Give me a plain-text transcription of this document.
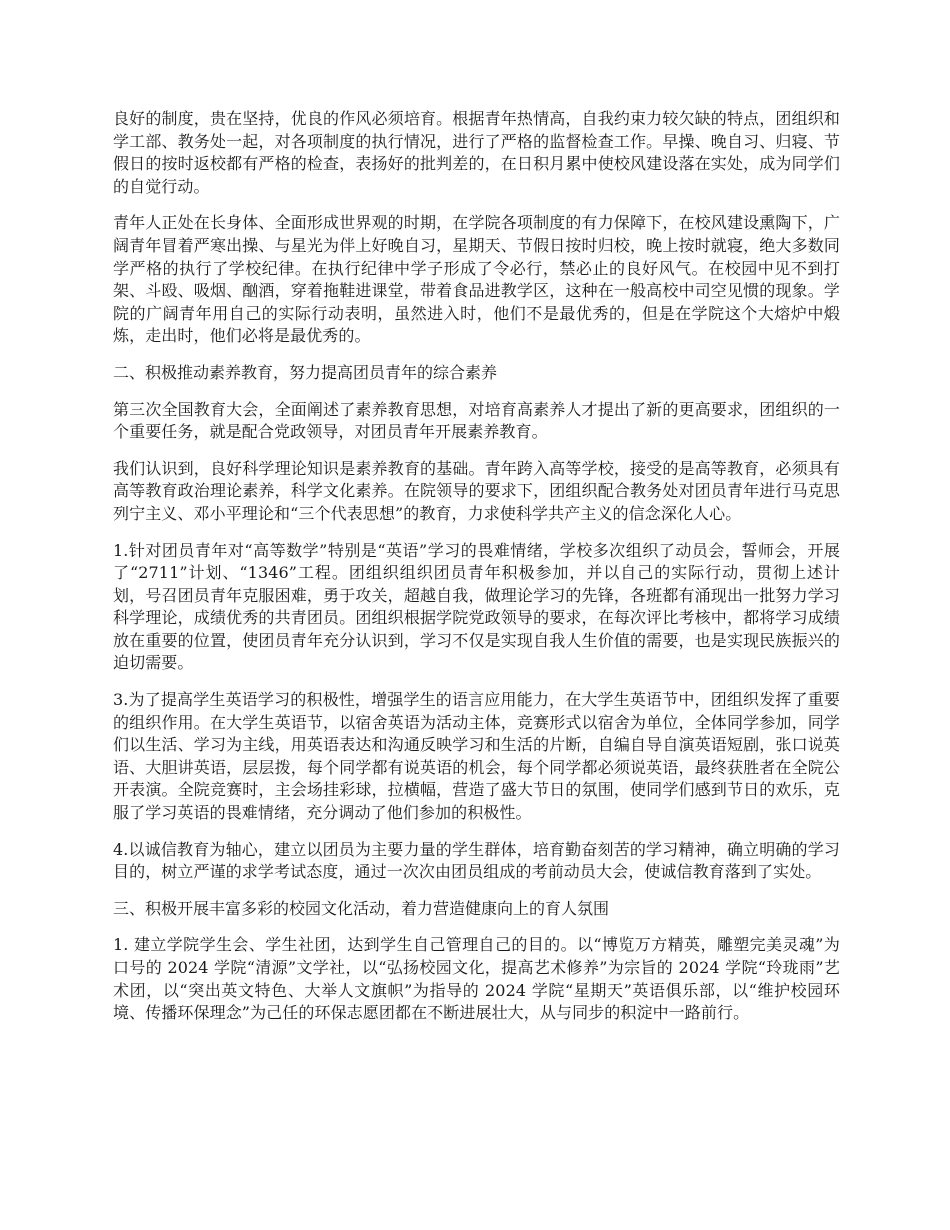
良好的制度，贵在坚持，优良的作风必须培育。根据青年热情高，自我约束力较欠缺的特点，团组织和学工部、教务处一起，对各项制度的执行情况，进行了严格的监督检查工作。早操、晚自习、归寝、节假日的按时返校都有严格的检查，表扬好的批判差的，在日积月累中使校风建设落在实处，成为同学们的自觉行动。

青年人正处在长身体、全面形成世界观的时期，在学院各项制度的有力保障下，在校风建设熏陶下，广阔青年冒着严寒出操、与星光为伴上好晚自习，星期天、节假日按时归校，晚上按时就寝，绝大多数同学严格的执行了学校纪律。在执行纪律中学子形成了令必行，禁必止的良好风气。在校园中见不到打架、斗殴、吸烟、酗酒，穿着拖鞋进课堂，带着食品进教学区，这种在一般高校中司空见惯的现象。学院的广阔青年用自己的实际行动表明，虽然进入时，他们不是最优秀的，但是在学院这个大熔炉中煅炼，走出时，他们必将是最优秀的。

二、积极推动素养教育，努力提高团员青年的综合素养

第三次全国教育大会，全面阐述了素养教育思想，对培育高素养人才提出了新的更高要求，团组织的一个重要任务，就是配合党政领导，对团员青年开展素养教育。

我们认识到，良好科学理论知识是素养教育的基础。青年跨入高等学校，接受的是高等教育，必须具有高等教育政治理论素养，科学文化素养。在院领导的要求下，团组织配合教务处对团员青年进行马克思列宁主义、邓小平理论和“三个代表思想”的教育，力求使科学共产主义的信念深化人心。

1.针对团员青年对“高等数学”特别是“英语”学习的畏难情绪，学校多次组织了动员会，誓师会，开展了“2711”计划、“1346”工程。团组织组织团员青年积极参加，并以自己的实际行动，贯彻上述计划，号召团员青年克服困难，勇于攻关，超越自我，做理论学习的先锋，各班都有涌现出一批努力学习科学理论，成绩优秀的共青团员。团组织根据学院党政领导的要求，在每次评比考核中，都将学习成绩放在重要的位置，使团员青年充分认识到，学习不仅是实现自我人生价值的需要，也是实现民族振兴的迫切需要。

3.为了提高学生英语学习的积极性，增强学生的语言应用能力，在大学生英语节中，团组织发挥了重要的组织作用。在大学生英语节，以宿舍英语为活动主体，竞赛形式以宿舍为单位，全体同学参加，同学们以生活、学习为主线，用英语表达和沟通反映学习和生活的片断，自编自导自演英语短剧，张口说英语、大胆讲英语，层层拨，每个同学都有说英语的机会，每个同学都必须说英语，最终获胜者在全院公开表演。全院竞赛时，主会场挂彩球，拉横幅，营造了盛大节日的氛围，使同学们感到节日的欢乐，克服了学习英语的畏难情绪，充分调动了他们参加的积极性。

4.以诚信教育为轴心，建立以团员为主要力量的学生群体，培育勤奋刻苦的学习精神，确立明确的学习目的，树立严谨的求学考试态度，通过一次次由团员组成的考前动员大会，使诚信教育落到了实处。

三、积极开展丰富多彩的校园文化活动，着力营造健康向上的育人氛围

1. 建立学院学生会、学生社团，达到学生自己管理自己的目的。以“博览万方精英，雕塑完美灵魂”为口号的 2024 学院“清源”文学社，以“弘扬校园文化，提高艺术修养”为宗旨的 2024 学院“玲珑雨”艺术团，以“突出英文特色、大举人文旗帜”为指导的 2024 学院“星期天”英语俱乐部，以“维护校园环境、传播环保理念”为己任的环保志愿团都在不断进展壮大，从与同步的积淀中一路前行。
